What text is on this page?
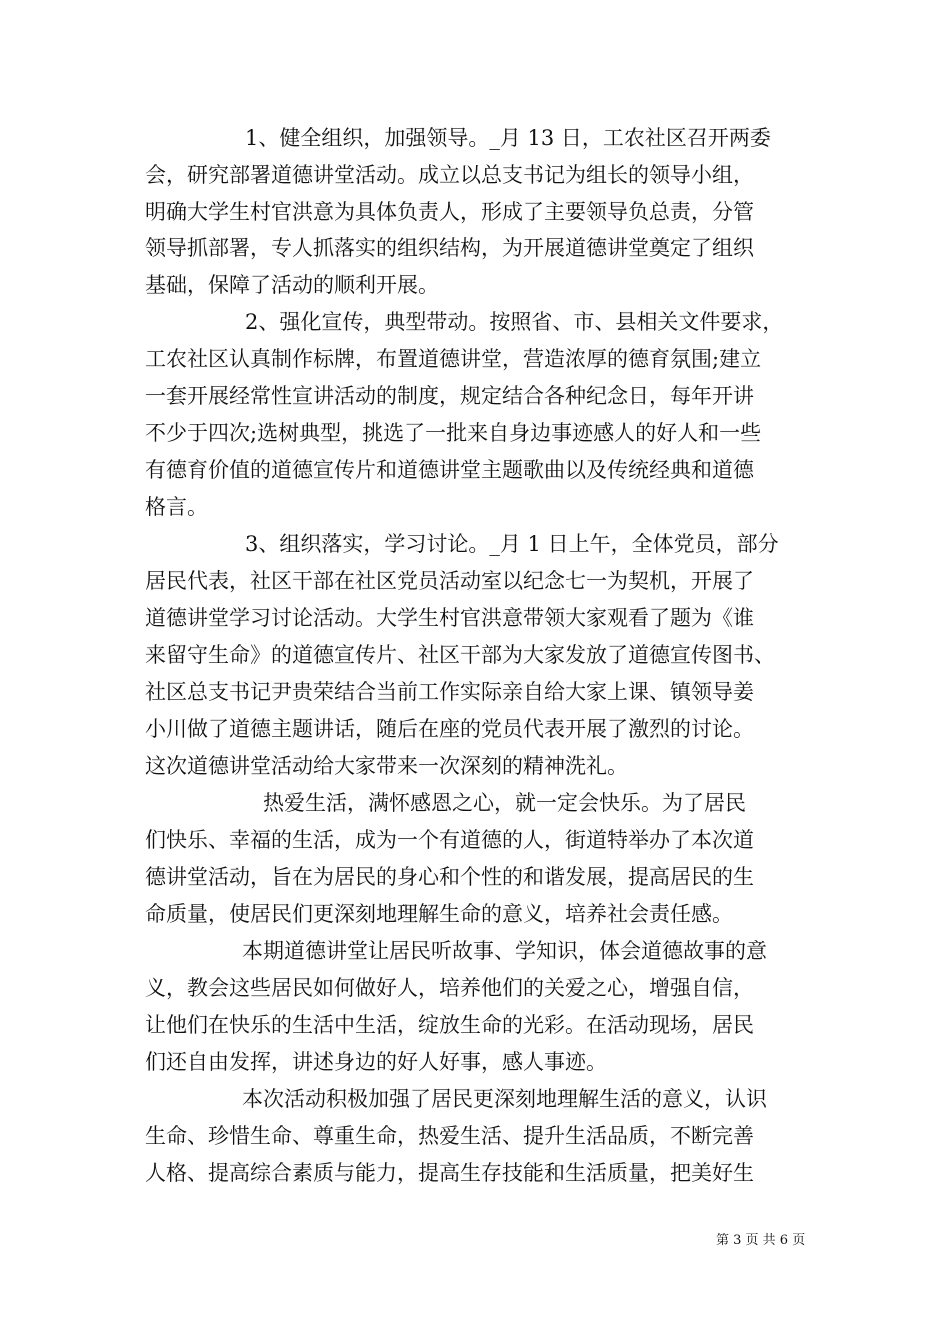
1、健全组织，加强领导。_月 13 日，工农社区召开两委
会，研究部署道德讲堂活动。成立以总支书记为组长的领导小组，
明确大学生村官洪意为具体负责人，形成了主要领导负总责，分管
领导抓部署，专人抓落实的组织结构，为开展道德讲堂奠定了组织
基础，保障了活动的顺利开展。
2、强化宣传，典型带动。按照省、市、县相关文件要求，
工农社区认真制作标牌，布置道德讲堂，营造浓厚的德育氛围;建立
一套开展经常性宣讲活动的制度，规定结合各种纪念日，每年开讲
不少于四次;选树典型，挑选了一批来自身边事迹感人的好人和一些
有德育价值的道德宣传片和道德讲堂主题歌曲以及传统经典和道德
格言。
3、组织落实，学习讨论。_月 1 日上午，全体党员，部分
居民代表，社区干部在社区党员活动室以纪念七一为契机，开展了
道德讲堂学习讨论活动。大学生村官洪意带领大家观看了题为《谁
来留守生命》的道德宣传片、社区干部为大家发放了道德宣传图书、
社区总支书记尹贵荣结合当前工作实际亲自给大家上课、镇领导姜
小川做了道德主题讲话，随后在座的党员代表开展了激烈的讨论。
这次道德讲堂活动给大家带来一次深刻的精神洗礼。
热爱生活，满怀感恩之心，就一定会快乐。为了居民
们快乐、幸福的生活，成为一个有道德的人，街道特举办了本次道
德讲堂活动，旨在为居民的身心和个性的和谐发展，提高居民的生
命质量，使居民们更深刻地理解生命的意义，培养社会责任感。
本期道德讲堂让居民听故事、学知识，体会道德故事的意
义，教会这些居民如何做好人，培养他们的关爱之心，增强自信，
让他们在快乐的生活中生活，绽放生命的光彩。在活动现场，居民
们还自由发挥，讲述身边的好人好事，感人事迹。
本次活动积极加强了居民更深刻地理解生活的意义，认识
生命、珍惜生命、尊重生命，热爱生活、提升生活品质，不断完善
人格、提高综合素质与能力，提高生存技能和生活质量，把美好生
第 3 页 共 6 页
